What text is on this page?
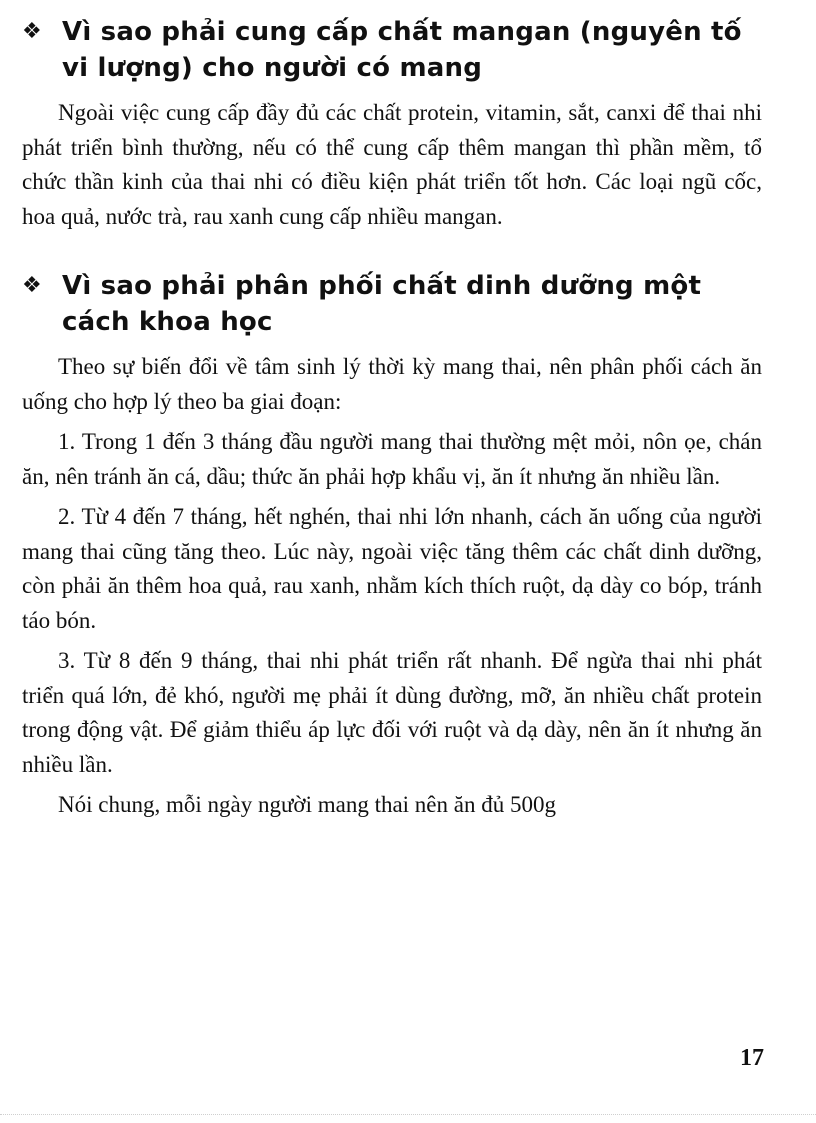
❖ Vì sao phải cung cấp chất mangan (nguyên tố vi lượng) cho người có mang

Ngoài việc cung cấp đầy đủ các chất protein, vitamin, sắt, canxi để thai nhi phát triển bình thường, nếu có thể cung cấp thêm mangan thì phần mềm, tổ chức thần kinh của thai nhi có điều kiện phát triển tốt hơn. Các loại ngũ cốc, hoa quả, nước trà, rau xanh cung cấp nhiều mangan.

❖ Vì sao phải phân phối chất dinh dưỡng một cách khoa học

Theo sự biến đổi về tâm sinh lý thời kỳ mang thai, nên phân phối cách ăn uống cho hợp lý theo ba giai đoạn:

1. Trong 1 đến 3 tháng đầu người mang thai thường mệt mỏi, nôn ọe, chán ăn, nên tránh ăn cá, dầu; thức ăn phải hợp khẩu vị, ăn ít nhưng ăn nhiều lần.

2. Từ 4 đến 7 tháng, hết nghén, thai nhi lớn nhanh, cách ăn uống của người mang thai cũng tăng theo. Lúc này, ngoài việc tăng thêm các chất dinh dưỡng, còn phải ăn thêm hoa quả, rau xanh, nhằm kích thích ruột, dạ dày co bóp, tránh táo bón.

3. Từ 8 đến 9 tháng, thai nhi phát triển rất nhanh. Để ngừa thai nhi phát triển quá lớn, đẻ khó, người mẹ phải ít dùng đường, mỡ, ăn nhiều chất protein trong động vật. Để giảm thiểu áp lực đối với ruột và dạ dày, nên ăn ít nhưng ăn nhiều lần.

Nói chung, mỗi ngày người mang thai nên ăn đủ 500g

17
